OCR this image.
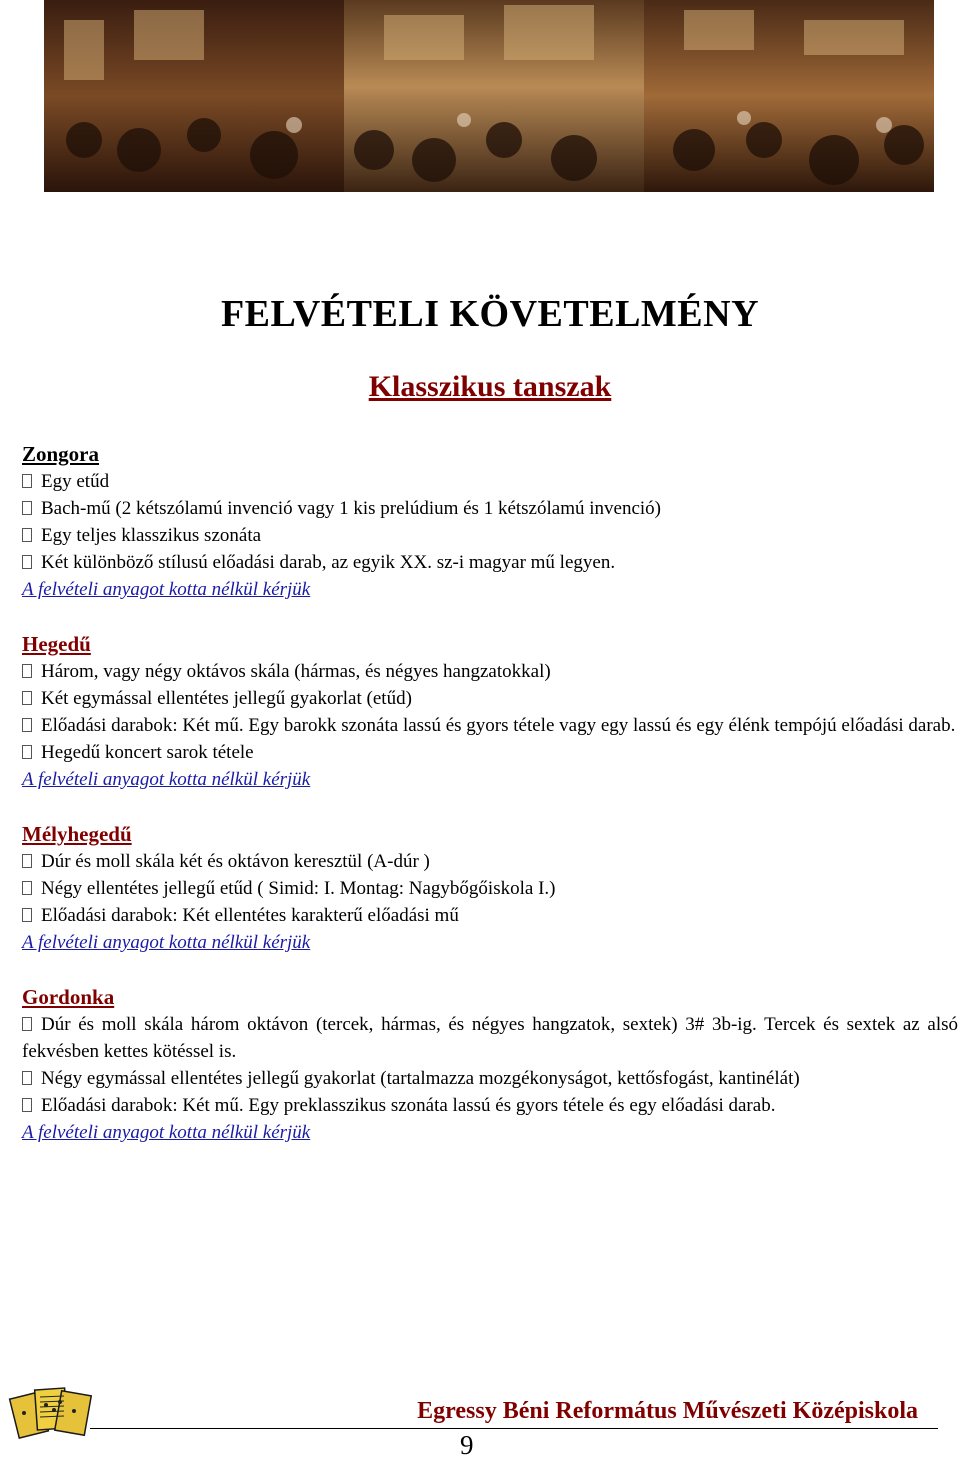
FELVÉTELI KÖVETELMÉNY
Klasszikus tanszak
Zongora
Egy etűd
Bach-mű (2 kétszólamú invenció vagy 1 kis prelúdium és 1 kétszólamú invenció)
Egy teljes klasszikus szonáta
Két különböző stílusú előadási darab, az egyik XX. sz-i magyar mű legyen.
A felvételi anyagot kotta nélkül kérjük
Hegedű
Három, vagy négy oktávos skála (hármas, és négyes hangzatokkal)
Két egymással ellentétes jellegű gyakorlat (etűd)
Előadási darabok: Két mű. Egy barokk szonáta lassú és gyors tétele vagy egy lassú és egy élénk tempójú előadási darab.
Hegedű koncert sarok tétele
A felvételi anyagot kotta nélkül kérjük
Mélyhegedű
Dúr és moll skála két és oktávon keresztül (A-dúr )
Négy ellentétes jellegű etűd ( Simid: I. Montag: Nagybőgőiskola I.)
Előadási darabok: Két ellentétes karakterű előadási mű
A felvételi anyagot kotta nélkül kérjük
Gordonka
Dúr és moll skála három oktávon (tercek, hármas, és négyes hangzatok, sextek) 3# 3b-ig. Tercek és sextek az alsó fekvésben kettes kötéssel is.
Négy egymással ellentétes jellegű gyakorlat (tartalmazza mozgékonyságot, kettősfogást, kantinélát)
Előadási darabok: Két mű. Egy preklasszikus szonáta lassú és gyors tétele és egy előadási darab.
A felvételi anyagot kotta nélkül kérjük
Egressy Béni Református Művészeti Középiskola
9
